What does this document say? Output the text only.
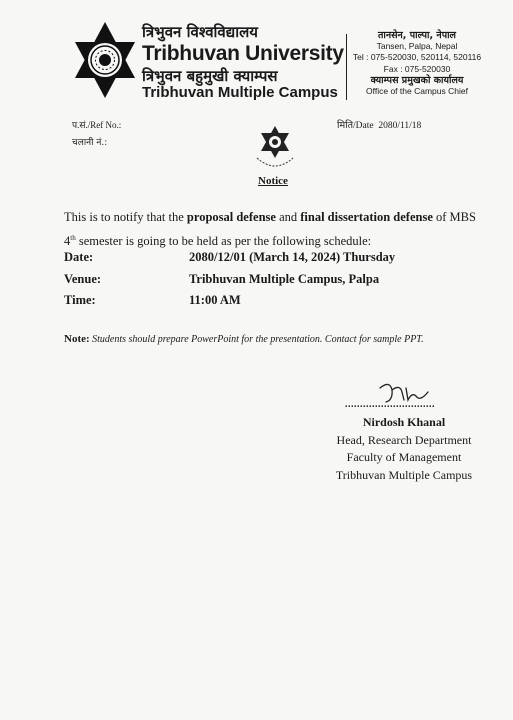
त्रिभुवन विश्वविद्यालय
Tribhuvan University
त्रिभुवन बहुमुखी क्याम्पस
Tribhuvan Multiple Campus
तानसेन, पाल्पा, नेपाल
Tansen, Palpa, Nepal
Tel : 075-520030, 520114, 520116
Fax : 075-520030
क्याम्पस प्रमुखको कार्यालय
Office of the Campus Chief
प.सं./Ref No.:
चलानी नं.:
मिति/Date 2080/11/18
Notice
This is to notify that the proposal defense and final dissertation defense of MBS 4th semester is going to be held as per the following schedule:
Date:	2080/12/01 (March 14, 2024) Thursday
Venue:	Tribhuvan Multiple Campus, Palpa
Time:	11:00 AM
Note: Students should prepare PowerPoint for the presentation. Contact for sample PPT.
..............................
Nirdosh Khanal
Head, Research Department
Faculty of Management
Tribhuvan Multiple Campus
